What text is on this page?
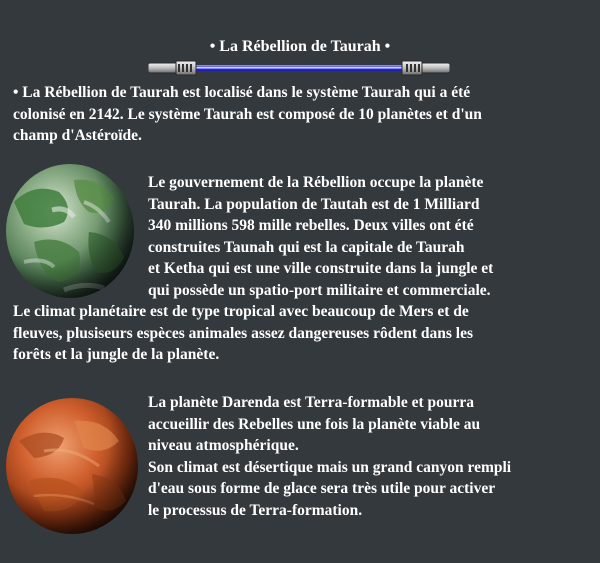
• La Rébellion de Taurah •
• La Rébellion de Taurah est localisé dans le système Taurah qui a été
colonisé en 2142. Le système Taurah est composé de 10 planètes et d'un
champ d'Astéroïde.
Le gouvernement de la Rébellion occupe la planète
Taurah. La population de Tautah est de 1 Milliard
340 millions 598 mille rebelles. Deux villes ont été
construites Taunah qui est la capitale de Taurah
et Ketha qui est une ville construite dans la jungle et
qui possède un spatio-port militaire et commerciale.
Le climat planétaire est de type tropical avec beaucoup de Mers et de
fleuves, plusiseurs espèces animales assez dangereuses rôdent dans les
forêts et la jungle de la planète.
La planète Darenda est Terra-formable et pourra
accueillir des Rebelles une fois la planète viable au
niveau atmosphérique.
Son climat est désertique mais un grand canyon rempli
d'eau sous forme de glace sera très utile pour activer
le processus de Terra-formation.
